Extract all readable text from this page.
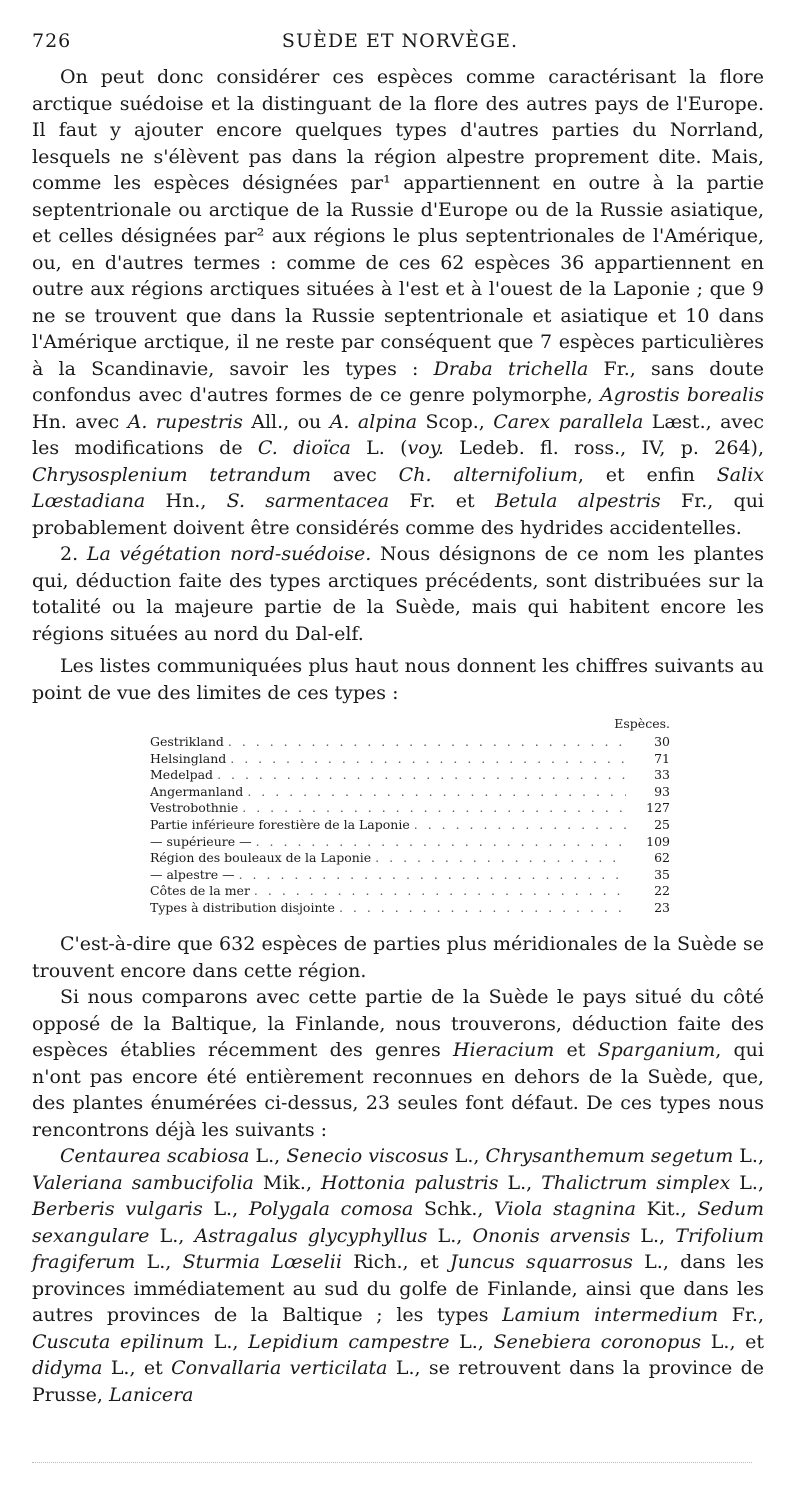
726	SUÈDE ET NORVÈGE.

On peut donc considérer ces espèces comme caractérisant la flore arctique suédoise et la distinguant de la flore des autres pays de l'Europe. Il faut y ajouter encore quelques types d'autres parties du Norrland, lesquels ne s'élèvent pas dans la région alpestre proprement dite. Mais, comme les espèces désignées par¹ appartiennent en outre à la partie septentrionale ou arctique de la Russie d'Europe ou de la Russie asiatique, et celles désignées par² aux régions le plus septentrionales de l'Amérique, ou, en d'autres termes : comme de ces 62 espèces 36 appartiennent en outre aux régions arctiques situées à l'est et à l'ouest de la Laponie ; que 9 ne se trouvent que dans la Russie septentrionale et asiatique et 10 dans l'Amérique arctique, il ne reste par conséquent que 7 espèces particulières à la Scandinavie, savoir les types : Draba trichella Fr., sans doute confondus avec d'autres formes de ce genre polymorphe, Agrostis borealis Hn. avec A. rupestris All., ou A. alpina Scop., Carex parallela Læst., avec les modifications de C. dioïca L. (voy. Ledeb. fl. ross., IV, p. 264), Chrysosplenium tetrandum avec Ch. alternifolium, et enfin Salix Lœstadiana Hn., S. sarmentacea Fr. et Betula alpestris Fr., qui probablement doivent être considérés comme des hydrides accidentelles.

2. La végétation nord-suédoise. Nous désignons de ce nom les plantes qui, déduction faite des types arctiques précédents, sont distribuées sur la totalité ou la majeure partie de la Suède, mais qui habitent encore les régions situées au nord du Dal-elf.

Les listes communiquées plus haut nous donnent les chiffres suivants au point de vue des limites de ces types :

Espèces.
Gestrikland . . .	30
Helsingland . . .	71
Medelpad . . .	33
Angermanland . . .	93
Vestrobothnie . . .	127
Partie inférieure forestière de la Laponie . . .	25
— supérieure — . . .	109
Région des bouleaux de la Laponie . . .	62
— alpestre — . . .	35
Côtes de la mer . . .	22
Types à distribution disjointe . . .	23

C'est-à-dire que 632 espèces de parties plus méridionales de la Suède se trouvent encore dans cette région.

Si nous comparons avec cette partie de la Suède le pays situé du côté opposé de la Baltique, la Finlande, nous trouverons, déduction faite des espèces établies récemment des genres Hieracium et Sparganium, qui n'ont pas encore été entièrement reconnues en dehors de la Suède, que, des plantes énumérées ci-dessus, 23 seules font défaut. De ces types nous rencontrons déjà les suivants :

Centaurea scabiosa L., Senecio viscosus L., Chrysanthemum segetum L., Valeriana sambucifolia Mik., Hottonia palustris L., Thalictrum simplex L., Berberis vulgaris L., Polygala comosa Schk., Viola stagnina Kit., Sedum sexangulare L., Astragalus glycyphyllus L., Ononis arvensis L., Trifolium fragiferum L., Sturmia Lœselii Rich., et Juncus squarrosus L., dans les provinces immédiatement au sud du golfe de Finlande, ainsi que dans les autres provinces de la Baltique ; les types Lamium intermedium Fr., Cuscuta epilinum L., Lepidium campestre L., Senebiera coronopus L., et didyma L., et Convallaria verticilata L., se retrouvent dans la province de Prusse, Lanicera
